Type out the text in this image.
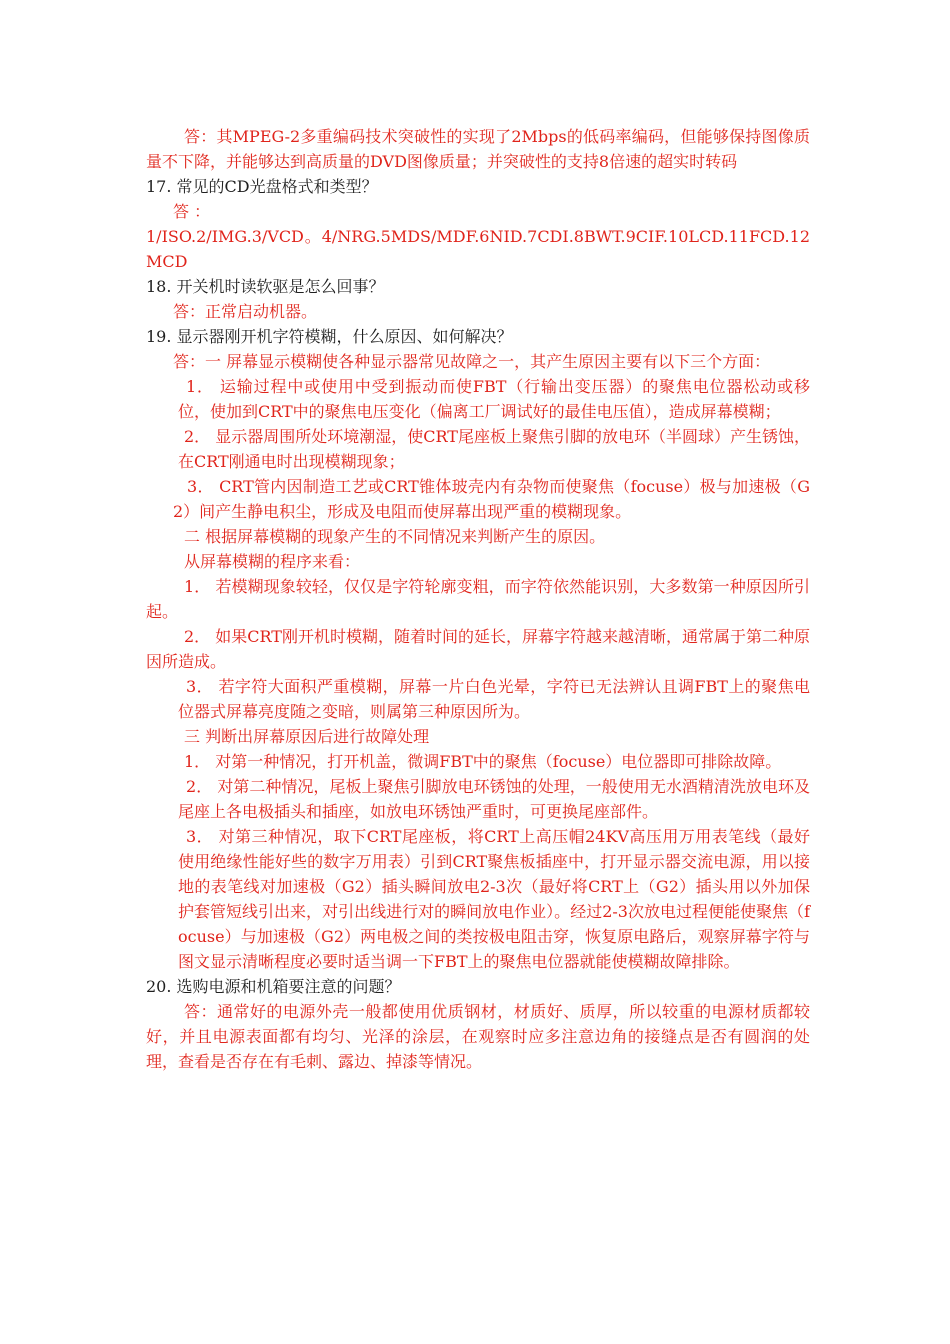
答：其MPEG-2多重编码技术突破性的实现了2Mbps的低码率编码，但能够保持图像质量不下降，并能够达到高质量的DVD图像质量；并突破性的支持8倍速的超实时转码

17. 常见的CD光盘格式和类型？

答 ：

1/ISO.2/IMG.3/VCD。4/NRG.5MDS/MDF.6NID.7CDI.8BWT.9CIF.10LCD.11FCD.12MCD

18. 开关机时读软驱是怎么回事？

答：正常启动机器。

19. 显示器刚开机字符模糊，什么原因、如何解决？

答：一 屏幕显示模糊使各种显示器常见故障之一，其产生原因主要有以下三个方面：

1． 运输过程中或使用中受到振动而使FBT（行输出变压器）的聚焦电位器松动或移位，使加到CRT中的聚焦电压变化（偏离工厂调试好的最佳电压值），造成屏幕模糊；

2． 显示器周围所处环境潮湿，使CRT尾座板上聚焦引脚的放电环（半圆球）产生锈蚀，在CRT刚通电时出现模糊现象；

3． CRT管内因制造工艺或CRT锥体玻壳内有杂物而使聚焦（focuse）极与加速极（G2）间产生静电积尘，形成及电阻而使屏幕出现严重的模糊现象。

二 根据屏幕模糊的现象产生的不同情况来判断产生的原因。

从屏幕模糊的程序来看：

1． 若模糊现象较轻，仅仅是字符轮廓变粗，而字符依然能识别，大多数第一种原因所引起。

2． 如果CRT刚开机时模糊，随着时间的延长，屏幕字符越来越清晰，通常属于第二种原因所造成。

3． 若字符大面积严重模糊，屏幕一片白色光晕，字符已无法辨认且调FBT上的聚焦电位器式屏幕亮度随之变暗，则属第三种原因所为。

三 判断出屏幕原因后进行故障处理

1． 对第一种情况，打开机盖，微调FBT中的聚焦（focuse）电位器即可排除故障。

2． 对第二种情况，尾板上聚焦引脚放电环锈蚀的处理，一般使用无水酒精清洗放电环及尾座上各电极插头和插座，如放电环锈蚀严重时，可更换尾座部件。

3． 对第三种情况，取下CRT尾座板，将CRT上高压帽24KV高压用万用表笔线（最好使用绝缘性能好些的数字万用表）引到CRT聚焦板插座中，打开显示器交流电源，用以接地的表笔线对加速极（G2）插头瞬间放电2-3次（最好将CRT上（G2）插头用以外加保护套管短线引出来，对引出线进行对的瞬间放电作业）。经过2-3次放电过程便能使聚焦（focuse）与加速极（G2）两电极之间的类按极电阻击穿，恢复原电路后，观察屏幕字符与图文显示清晰程度必要时适当调一下FBT上的聚焦电位器就能使模糊故障排除。

20. 选购电源和机箱要注意的问题？

答：通常好的电源外壳一般都使用优质钢材，材质好、质厚，所以较重的电源材质都较好，并且电源表面都有均匀、光泽的涂层，在观察时应多注意边角的接缝点是否有圆润的处理，查看是否存在有毛刺、露边、掉漆等情况。
